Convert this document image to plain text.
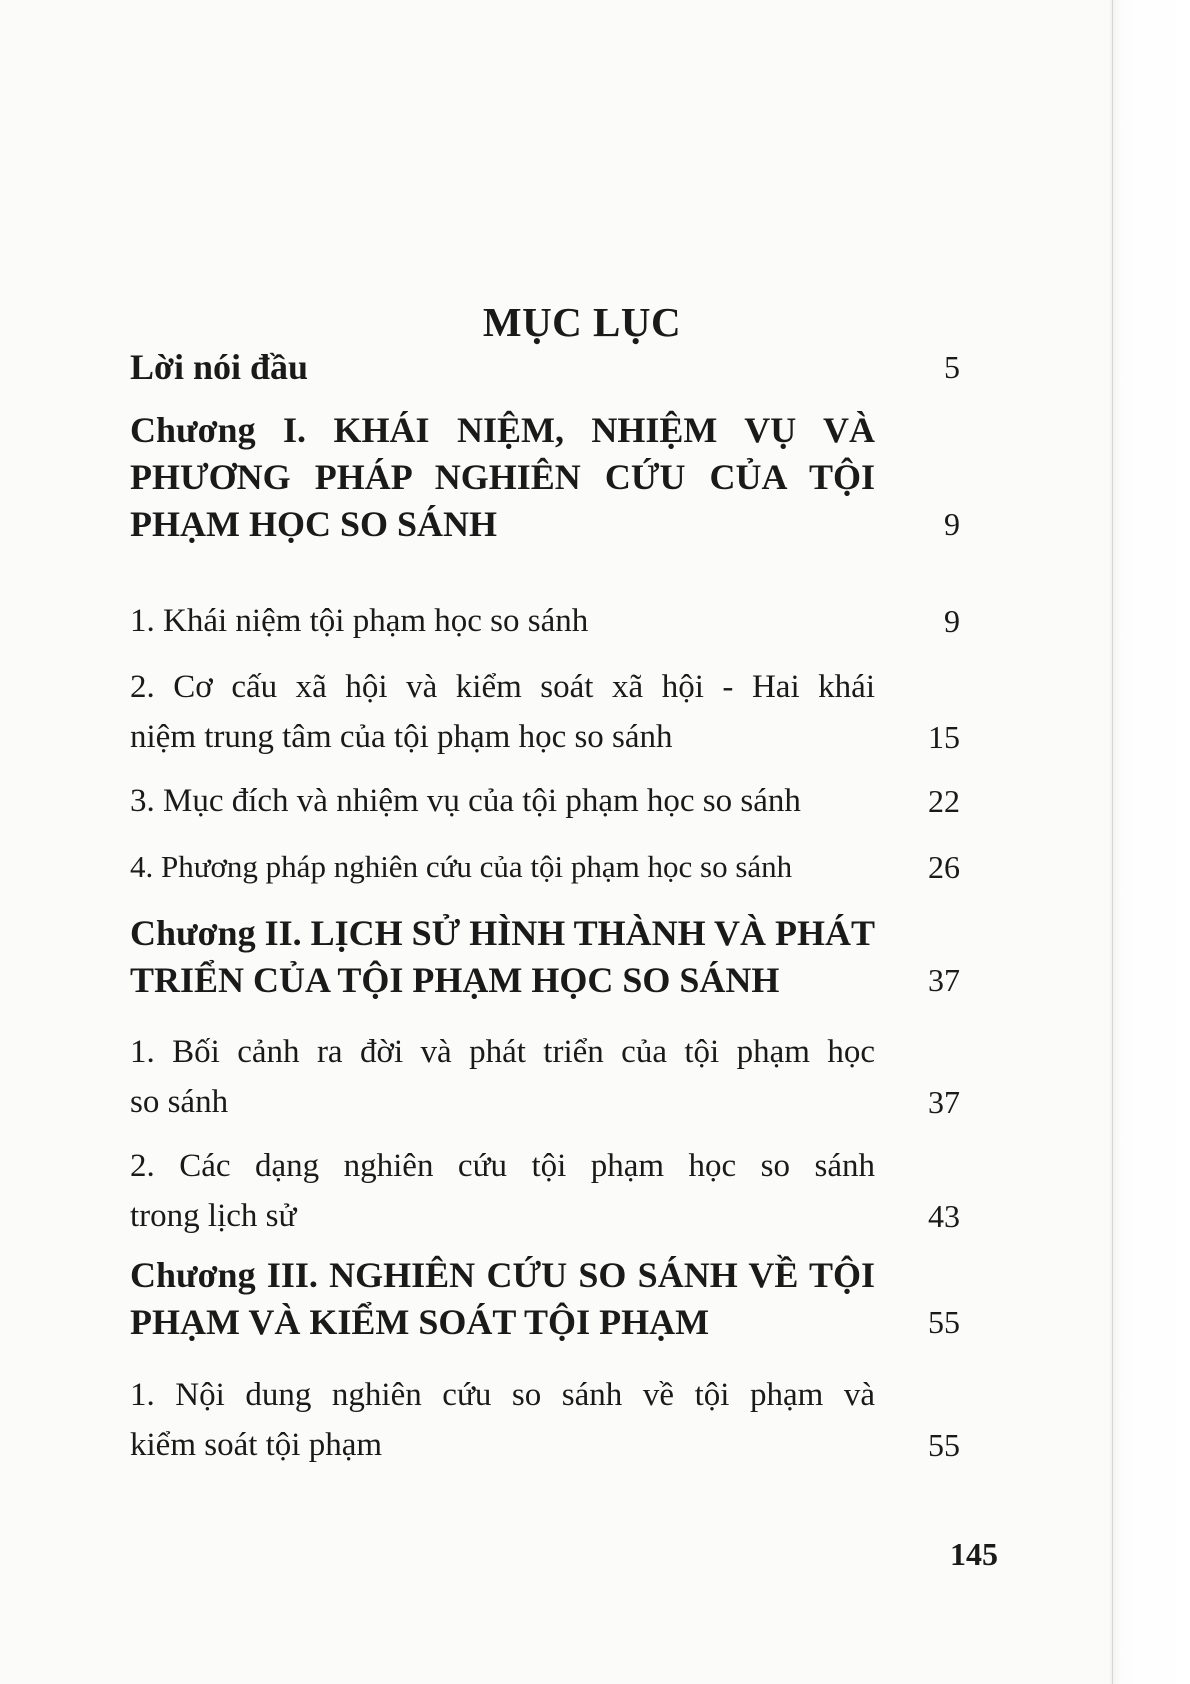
MỤC LỤC
Lời nói đầu	5
Chương I. KHÁI NIỆM, NHIỆM VỤ VÀ
PHƯƠNG PHÁP NGHIÊN CỨU CỦA TỘI
PHẠM HỌC SO SÁNH	9
1. Khái niệm tội phạm học so sánh	9
2. Cơ cấu xã hội và kiểm soát xã hội - Hai khái
niệm trung tâm của tội phạm học so sánh	15
3. Mục đích và nhiệm vụ của tội phạm học so sánh	22
4. Phương pháp nghiên cứu của tội phạm học so sánh	26
Chương II. LỊCH SỬ HÌNH THÀNH VÀ PHÁT
TRIỂN CỦA TỘI PHẠM HỌC SO SÁNH	37
1. Bối cảnh ra đời và phát triển của tội phạm học
so sánh	37
2. Các dạng nghiên cứu tội phạm học so sánh
trong lịch sử	43
Chương III. NGHIÊN CỨU SO SÁNH VỀ TỘI
PHẠM VÀ KIỂM SOÁT TỘI PHẠM	55
1. Nội dung nghiên cứu so sánh về tội phạm và
kiểm soát tội phạm	55
145
